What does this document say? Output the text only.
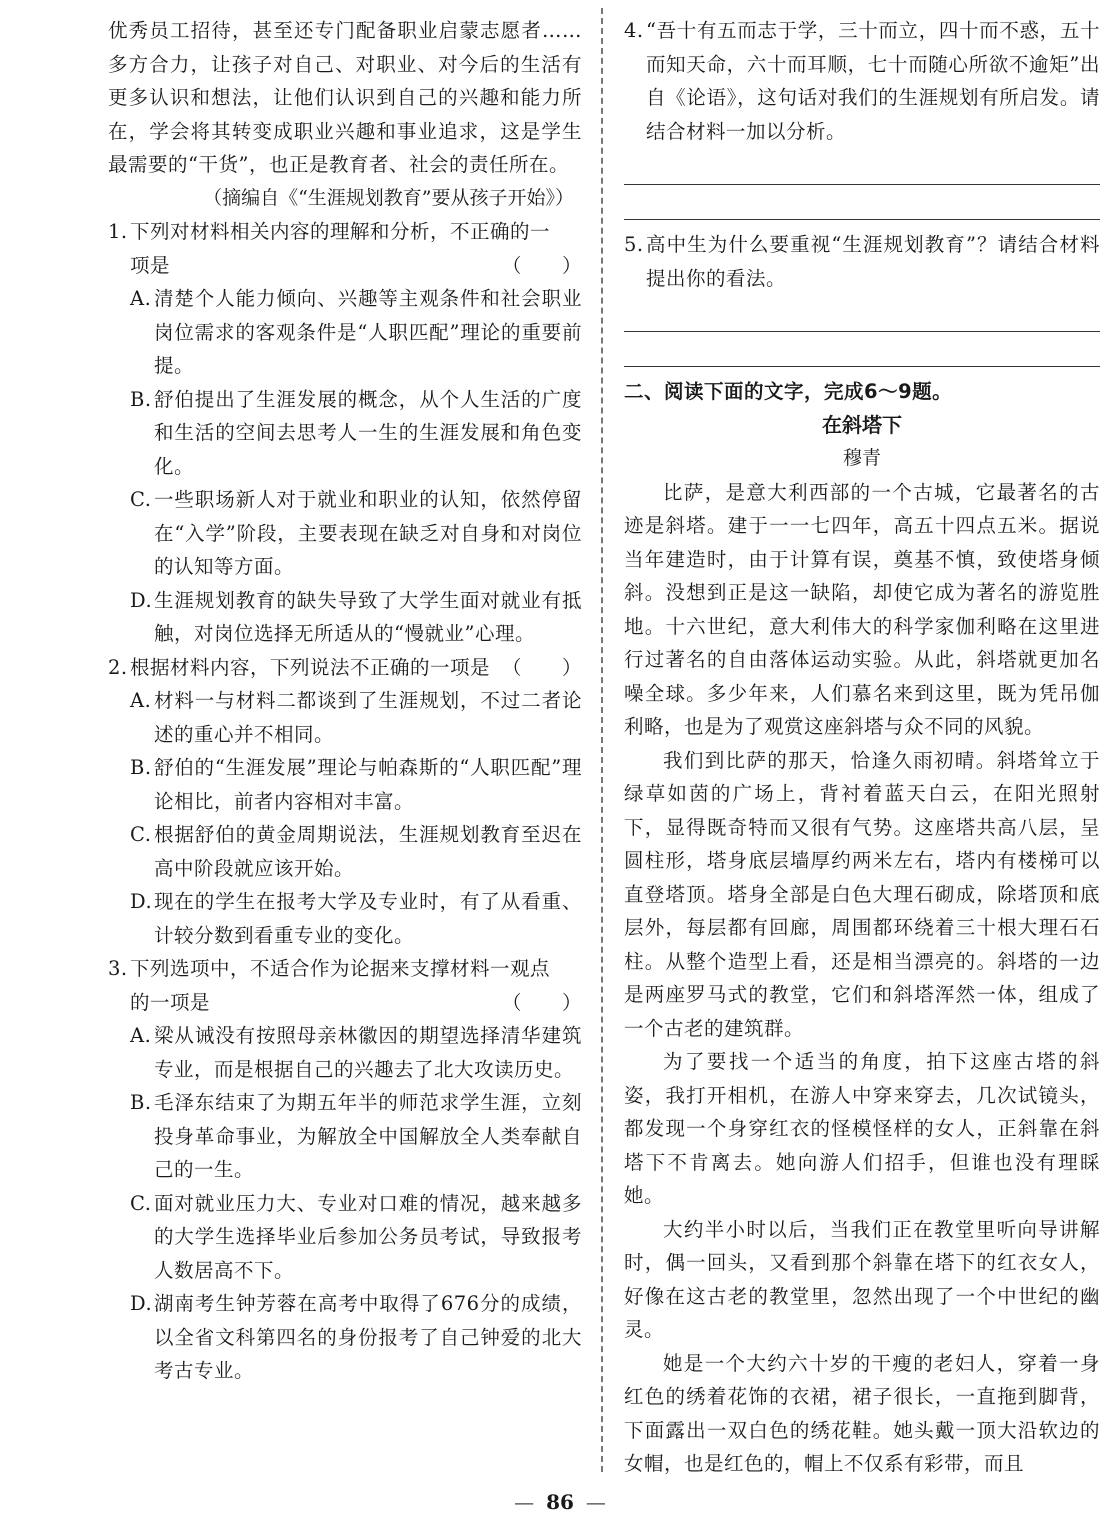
优秀员工招待，甚至还专门配备职业启蒙志愿者……多方合力，让孩子对自己、对职业、对今后的生活有更多认识和想法，让他们认识到自己的兴趣和能力所在，学会将其转变成职业兴趣和事业追求，这是学生最需要的“干货”，也正是教育者、社会的责任所在。
（摘编自《“生涯规划教育”要从孩子开始》）
1. 下列对材料相关内容的理解和分析，不正确的一
项是	（　　）
A. 清楚个人能力倾向、兴趣等主观条件和社会职业岗位需求的客观条件是“人职匹配”理论的重要前提。
B. 舒伯提出了生涯发展的概念，从个人生活的广度和生活的空间去思考人一生的生涯发展和角色变化。
C. 一些职场新人对于就业和职业的认知，依然停留在“入学”阶段，主要表现在缺乏对自身和对岗位的认知等方面。
D. 生涯规划教育的缺失导致了大学生面对就业有抵触，对岗位选择无所适从的“慢就业”心理。
2. 根据材料内容，下列说法不正确的一项是 （　　）
A. 材料一与材料二都谈到了生涯规划，不过二者论述的重心并不相同。
B. 舒伯的“生涯发展”理论与帕森斯的“人职匹配”理论相比，前者内容相对丰富。
C. 根据舒伯的黄金周期说法，生涯规划教育至迟在高中阶段就应该开始。
D. 现在的学生在报考大学及专业时，有了从看重、计较分数到看重专业的变化。
3. 下列选项中，不适合作为论据来支撑材料一观点
的一项是	（　　）
A. 梁从诫没有按照母亲林徽因的期望选择清华建筑专业，而是根据自己的兴趣去了北大攻读历史。
B. 毛泽东结束了为期五年半的师范求学生涯，立刻投身革命事业，为解放全中国解放全人类奉献自己的一生。
C. 面对就业压力大、专业对口难的情况，越来越多的大学生选择毕业后参加公务员考试，导致报考人数居高不下。
D. 湖南考生钟芳蓉在高考中取得了676分的成绩，以全省文科第四名的身份报考了自己钟爱的北大考古专业。
4. “吾十有五而志于学，三十而立，四十而不惑，五十而知天命，六十而耳顺，七十而随心所欲不逾矩”出自《论语》，这句话对我们的生涯规划有所启发。请结合材料一加以分析。
5. 高中生为什么要重视“生涯规划教育”？请结合材料提出你的看法。
二、阅读下面的文字，完成6～9题。
在斜塔下
穆青
比萨，是意大利西部的一个古城，它最著名的古迹是斜塔。建于一一七四年，高五十四点五米。据说当年建造时，由于计算有误，奠基不慎，致使塔身倾斜。没想到正是这一缺陷，却使它成为著名的游览胜地。十六世纪，意大利伟大的科学家伽利略在这里进行过著名的自由落体运动实验。从此，斜塔就更加名噪全球。多少年来，人们慕名来到这里，既为凭吊伽利略，也是为了观赏这座斜塔与众不同的风貌。
我们到比萨的那天，恰逢久雨初晴。斜塔耸立于绿草如茵的广场上，背衬着蓝天白云，在阳光照射下，显得既奇特而又很有气势。这座塔共高八层，呈圆柱形，塔身底层墙厚约两米左右，塔内有楼梯可以直登塔顶。塔身全部是白色大理石砌成，除塔顶和底层外，每层都有回廊，周围都环绕着三十根大理石石柱。从整个造型上看，还是相当漂亮的。斜塔的一边是两座罗马式的教堂，它们和斜塔浑然一体，组成了一个古老的建筑群。
为了要找一个适当的角度，拍下这座古塔的斜姿，我打开相机，在游人中穿来穿去，几次试镜头，都发现一个身穿红衣的怪模怪样的女人，正斜靠在斜塔下不肯离去。她向游人们招手，但谁也没有理睬她。
大约半小时以后，当我们正在教堂里听向导讲解时，偶一回头，又看到那个斜靠在塔下的红衣女人，好像在这古老的教堂里，忽然出现了一个中世纪的幽灵。
她是一个大约六十岁的干瘦的老妇人，穿着一身红色的绣着花饰的衣裙，裙子很长，一直拖到脚背，下面露出一双白色的绣花鞋。她头戴一顶大沿软边的女帽，也是红色的，帽上不仅系有彩带，而且
— 86 —
